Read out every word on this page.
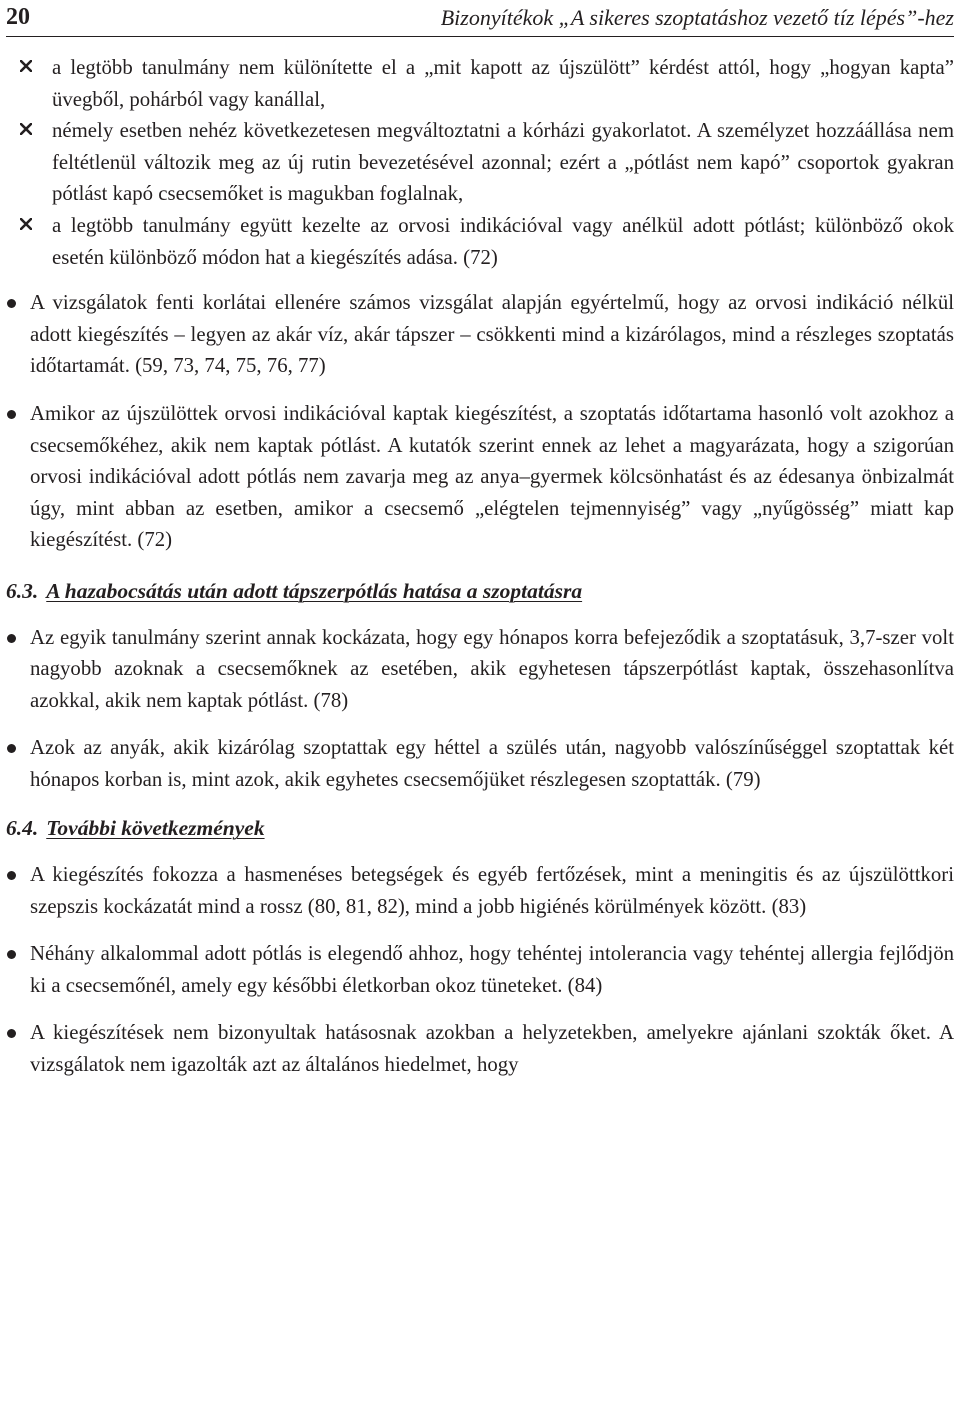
20	Bizonyítékok „A sikeres szoptatáshoz vezető tíz lépés”-hez
a legtöbb tanulmány nem különítette el a „mit kapott az újszülött” kérdést attól, hogy „hogyan kapta” üvegből, pohárból vagy kanállal,
némely esetben nehéz következetesen megváltoztatni a kórházi gyakorlatot. A személyzet hozzáállása nem feltétlenül változik meg az új rutin bevezetésével azonnal; ezért a „pótlást nem kapó” csoportok gyakran pótlást kapó csecsemőket is magukban foglalnak,
a legtöbb tanulmány együtt kezelte az orvosi indikációval vagy anélkül adott pótlást; különböző okok esetén különböző módon hat a kiegészítés adása. (72)
A vizsgálatok fenti korlátai ellenére számos vizsgálat alapján egyértelmű, hogy az orvosi indikáció nélkül adott kiegészítés – legyen az akár víz, akár tápszer – csökkenti mind a kizárólagos, mind a részleges szoptatás időtartamát. (59, 73, 74, 75, 76, 77)
Amikor az újszülöttek orvosi indikációval kaptak kiegészítést, a szoptatás időtartama hasonló volt azokhoz a csecsemőkéhez, akik nem kaptak pótlást. A kutatók szerint ennek az lehet a magyarázata, hogy a szigorúan orvosi indikációval adott pótlás nem zavarja meg az anya–gyermek kölcsönhatást és az édesanya önbizalmát úgy, mint abban az esetben, amikor a csecsemő „elégtelen tejmennyiség” vagy „nyűgösség” miatt kap kiegészítést. (72)
6.3. A hazabocsátás után adott tápszerpótlás hatása a szoptatásra
Az egyik tanulmány szerint annak kockázata, hogy egy hónapos korra befejeződik a szoptatásuk, 3,7-szer volt nagyobb azoknak a csecsemőknek az esetében, akik egyhetesen tápszerpótlást kaptak, összehasonlítva azokkal, akik nem kaptak pótlást. (78)
Azok az anyák, akik kizárólag szoptattak egy héttel a szülés után, nagyobb valószínűséggel szoptattak két hónapos korban is, mint azok, akik egyhetes csecsemőjüket részlegesen szoptatták. (79)
6.4. További következmények
A kiegészítés fokozza a hasmenéses betegségek és egyéb fertőzések, mint a meningitis és az újszülöttkori szepszis kockázatát mind a rossz (80, 81, 82), mind a jobb higiénés körülmények között. (83)
Néhány alkalommal adott pótlás is elegendő ahhoz, hogy tehéntej intolerancia vagy tehéntej allergia fejlődjön ki a csecsemőnél, amely egy későbbi életkorban okoz tüneteket. (84)
A kiegészítések nem bizonyultak hatásosnak azokban a helyzetekben, amelyekre ajánlani szokták őket. A vizsgálatok nem igazolták azt az általános hiedelmet, hogy
